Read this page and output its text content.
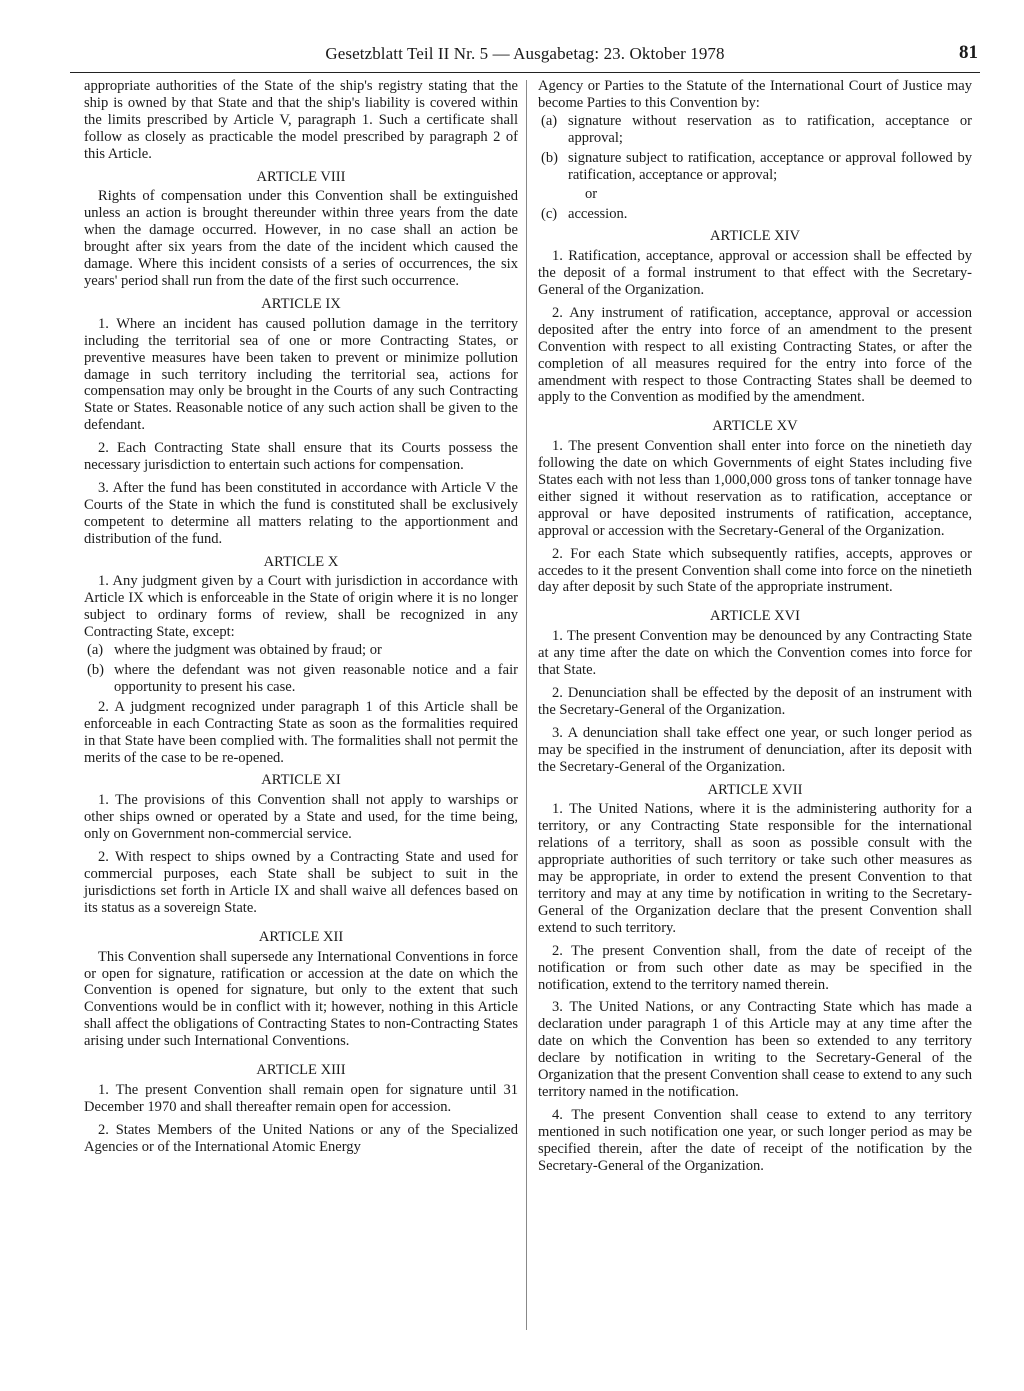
Gesetzblatt Teil II Nr. 5 — Ausgabetag: 23. Oktober 1978	81

appropriate authorities of the State of the ship's registry stating that the ship is owned by that State and that the ship's liability is covered within the limits prescribed by Article V, paragraph 1. Such a certificate shall follow as closely as practicable the model prescribed by paragraph 2 of this Article.

ARTICLE VIII

Rights of compensation under this Convention shall be extinguished unless an action is brought thereunder within three years from the date when the damage occurred. However, in no case shall an action be brought after six years from the date of the incident which caused the damage. Where this incident consists of a series of occurrences, the six years' period shall run from the date of the first such occurrence.

ARTICLE IX

1. Where an incident has caused pollution damage in the territory including the territorial sea of one or more Contracting States, or preventive measures have been taken to prevent or minimize pollution damage in such territory including the territorial sea, actions for compensation may only be brought in the Courts of any such Contracting State or States. Reasonable notice of any such action shall be given to the defendant.

2. Each Contracting State shall ensure that its Courts possess the necessary jurisdiction to entertain such actions for compensation.

3. After the fund has been constituted in accordance with Article V the Courts of the State in which the fund is constituted shall be exclusively competent to determine all matters relating to the apportionment and distribution of the fund.

ARTICLE X

1. Any judgment given by a Court with jurisdiction in accordance with Article IX which is enforceable in the State of origin where it is no longer subject to ordinary forms of review, shall be recognized in any Contracting State, except:

(a) where the judgment was obtained by fraud; or
(b) where the defendant was not given reasonable notice and a fair opportunity to present his case.

2. A judgment recognized under paragraph 1 of this Article shall be enforceable in each Contracting State as soon as the formalities required in that State have been complied with. The formalities shall not permit the merits of the case to be re-opened.

ARTICLE XI

1. The provisions of this Convention shall not apply to warships or other ships owned or operated by a State and used, for the time being, only on Government non-commercial service.

2. With respect to ships owned by a Contracting State and used for commercial purposes, each State shall be subject to suit in the jurisdictions set forth in Article IX and shall waive all defences based on its status as a sovereign State.

ARTICLE XII

This Convention shall supersede any International Conventions in force or open for signature, ratification or accession at the date on which the Convention is opened for signature, but only to the extent that such Conventions would be in conflict with it; however, nothing in this Article shall affect the obligations of Contracting States to non-Contracting States arising under such International Conventions.

ARTICLE XIII

1. The present Convention shall remain open for signature until 31 December 1970 and shall thereafter remain open for accession.

2. States Members of the United Nations or any of the Specialized Agencies or of the International Atomic Energy

Agency or Parties to the Statute of the International Court of Justice may become Parties to this Convention by:

(a) signature without reservation as to ratification, acceptance or approval;
(b) signature subject to ratification, acceptance or approval followed by ratification, acceptance or approval;
or
(c) accession.
ARTICLE XIV

1. Ratification, acceptance, approval or accession shall be effected by the deposit of a formal instrument to that effect with the Secretary-General of the Organization.

2. Any instrument of ratification, acceptance, approval or accession deposited after the entry into force of an amendment to the present Convention with respect to all existing Contracting States, or after the completion of all measures required for the entry into force of the amendment with respect to those Contracting States shall be deemed to apply to the Convention as modified by the amendment.

ARTICLE XV

1. The present Convention shall enter into force on the ninetieth day following the date on which Governments of eight States including five States each with not less than 1,000,000 gross tons of tanker tonnage have either signed it without reservation as to ratification, acceptance or approval or have deposited instruments of ratification, acceptance, approval or accession with the Secretary-General of the Organization.

2. For each State which subsequently ratifies, accepts, approves or accedes to it the present Convention shall come into force on the ninetieth day after deposit by such State of the appropriate instrument.

ARTICLE XVI

1. The present Convention may be denounced by any Contracting State at any time after the date on which the Convention comes into force for that State.

2. Denunciation shall be effected by the deposit of an instrument with the Secretary-General of the Organization.

3. A denunciation shall take effect one year, or such longer period as may be specified in the instrument of denunciation, after its deposit with the Secretary-General of the Organization.

ARTICLE XVII

1. The United Nations, where it is the administering authority for a territory, or any Contracting State responsible for the international relations of a territory, shall as soon as possible consult with the appropriate authorities of such territory or take such other measures as may be appropriate, in order to extend the present Convention to that territory and may at any time by notification in writing to the Secretary-General of the Organization declare that the present Convention shall extend to such territory.

2. The present Convention shall, from the date of receipt of the notification or from such other date as may be specified in the notification, extend to the territory named therein.

3. The United Nations, or any Contracting State which has made a declaration under paragraph 1 of this Article may at any time after the date on which the Convention has been so extended to any territory declare by notification in writing to the Secretary-General of the Organization that the present Convention shall cease to extend to any such territory named in the notification.

4. The present Convention shall cease to extend to any territory mentioned in such notification one year, or such longer period as may be specified therein, after the date of receipt of the notification by the Secretary-General of the Organization.
